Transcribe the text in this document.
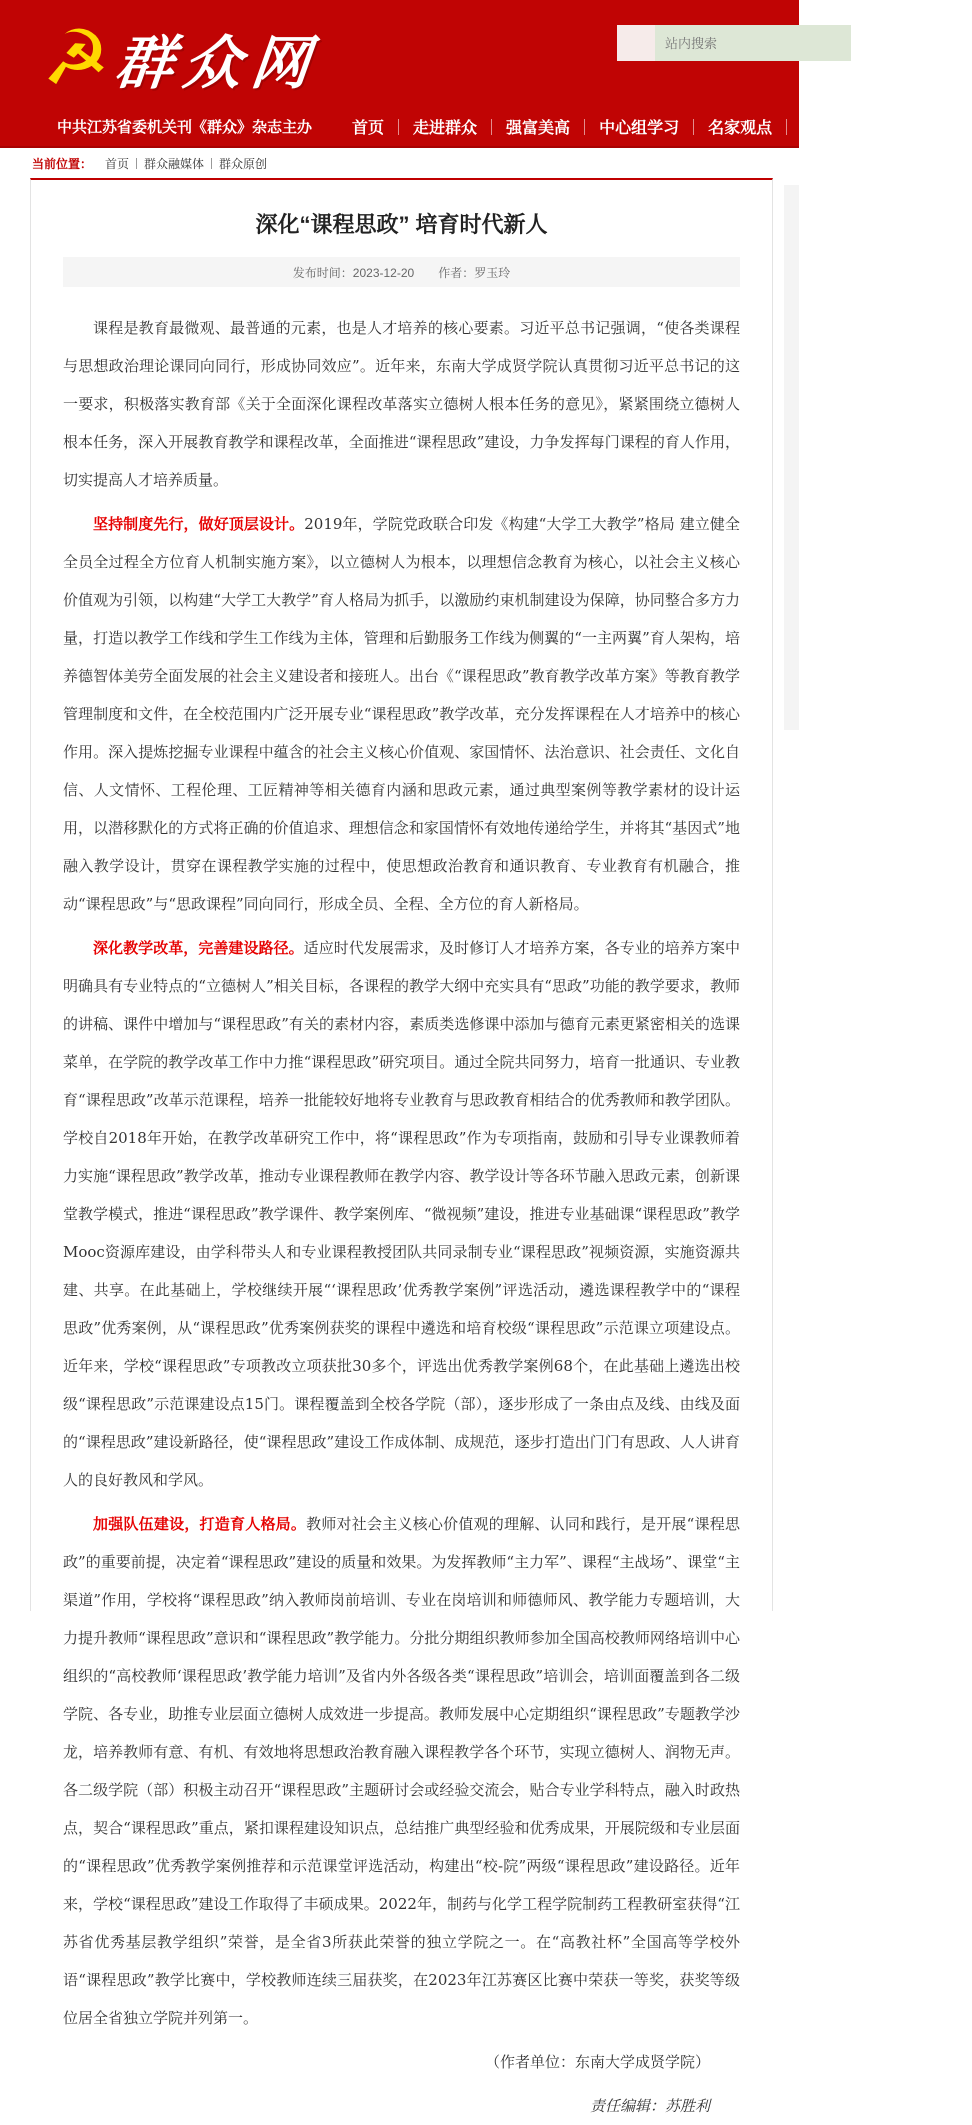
☭ 群众网
站内搜索
中共江苏省委机关刊《群众》杂志主办	首页	走进群众	强富美高	中心组学习	名家观点	基地风采	群众系列
当前位置：	首页	群众融媒体	群众原创
深化“课程思政” 培育时代新人
发布时间：2023-12-20 作者：罗玉玲

课程是教育最微观、最普通的元素，也是人才培养的核心要素。习近平总书记强调，“使各类课程与思想政治理论课同向同行，形成协同效应”。近年来，东南大学成贤学院认真贯彻习近平总书记的这一要求，积极落实教育部《关于全面深化课程改革落实立德树人根本任务的意见》，紧紧围绕立德树人根本任务，深入开展教育教学和课程改革，全面推进“课程思政”建设，力争发挥每门课程的育人作用，切实提高人才培养质量。

坚持制度先行，做好顶层设计。2019年，学院党政联合印发《构建“大学工大教学”格局 建立健全全员全过程全方位育人机制实施方案》，以立德树人为根本，以理想信念教育为核心，以社会主义核心价值观为引领，以构建“大学工大教学”育人格局为抓手，以激励约束机制建设为保障，协同整合多方力量，打造以教学工作线和学生工作线为主体，管理和后勤服务工作线为侧翼的“一主两翼”育人架构，培养德智体美劳全面发展的社会主义建设者和接班人。出台《“课程思政”教育教学改革方案》等教育教学管理制度和文件，在全校范围内广泛开展专业“课程思政”教学改革，充分发挥课程在人才培养中的核心作用。深入提炼挖掘专业课程中蕴含的社会主义核心价值观、家国情怀、法治意识、社会责任、文化自信、人文情怀、工程伦理、工匠精神等相关德育内涵和思政元素，通过典型案例等教学素材的设计运用，以潜移默化的方式将正确的价值追求、理想信念和家国情怀有效地传递给学生，并将其“基因式”地融入教学设计，贯穿在课程教学实施的过程中，使思想政治教育和通识教育、专业教育有机融合，推动“课程思政”与“思政课程”同向同行，形成全员、全程、全方位的育人新格局。

深化教学改革，完善建设路径。适应时代发展需求，及时修订人才培养方案，各专业的培养方案中明确具有专业特点的“立德树人”相关目标，各课程的教学大纲中充实具有“思政”功能的教学要求，教师的讲稿、课件中增加与“课程思政”有关的素材内容，素质类选修课中添加与德育元素更紧密相关的选课菜单，在学院的教学改革工作中力推“课程思政”研究项目。通过全院共同努力，培育一批通识、专业教育“课程思政”改革示范课程，培养一批能较好地将专业教育与思政教育相结合的优秀教师和教学团队。学校自2018年开始，在教学改革研究工作中，将“课程思政”作为专项指南，鼓励和引导专业课教师着力实施“课程思政”教学改革，推动专业课程教师在教学内容、教学设计等各环节融入思政元素，创新课堂教学模式，推进“课程思政”教学课件、教学案例库、“微视频”建设，推进专业基础课“课程思政”教学Mooc资源库建设，由学科带头人和专业课程教授团队共同录制专业“课程思政”视频资源，实施资源共建、共享。在此基础上，学校继续开展“‘课程思政’优秀教学案例”评选活动，遴选课程教学中的“课程思政”优秀案例，从“课程思政”优秀案例获奖的课程中遴选和培育校级“课程思政”示范课立项建设点。近年来，学校“课程思政”专项教改立项获批30多个，评选出优秀教学案例68个，在此基础上遴选出校级“课程思政”示范课建设点15门。课程覆盖到全校各学院（部），逐步形成了一条由点及线、由线及面的“课程思政”建设新路径，使“课程思政”建设工作成体制、成规范，逐步打造出门门有思政、人人讲育人的良好教风和学风。

加强队伍建设，打造育人格局。教师对社会主义核心价值观的理解、认同和践行，是开展“课程思政”的重要前提，决定着“课程思政”建设的质量和效果。为发挥教师“主力军”、课程“主战场”、课堂“主渠道”作用，学校将“课程思政”纳入教师岗前培训、专业在岗培训和师德师风、教学能力专题培训，大力提升教师“课程思政”意识和“课程思政”教学能力。分批分期组织教师参加全国高校教师网络培训中心组织的“高校教师‘课程思政’教学能力培训”及省内外各级各类“课程思政”培训会，培训面覆盖到各二级学院、各专业，助推专业层面立德树人成效进一步提高。教师发展中心定期组织“课程思政”专题教学沙龙，培养教师有意、有机、有效地将思想政治教育融入课程教学各个环节，实现立德树人、润物无声。各二级学院（部）积极主动召开“课程思政”主题研讨会或经验交流会，贴合专业学科特点，融入时政热点，契合“课程思政”重点，紧扣课程建设知识点，总结推广典型经验和优秀成果，开展院级和专业层面的“课程思政”优秀教学案例推荐和示范课堂评选活动，构建出“校-院”两级“课程思政”建设路径。近年来，学校“课程思政”建设工作取得了丰硕成果。2022年，制药与化学工程学院制药工程教研室获得“江苏省优秀基层教学组织”荣誉，是全省3所获此荣誉的独立学院之一。在“高教社杯”全国高等学校外语“课程思政”教学比赛中，学校教师连续三届获奖，在2023年江苏赛区比赛中荣获一等奖，获奖等级位居全省独立学院并列第一。

（作者单位：东南大学成贤学院）

责任编辑：苏胜利
